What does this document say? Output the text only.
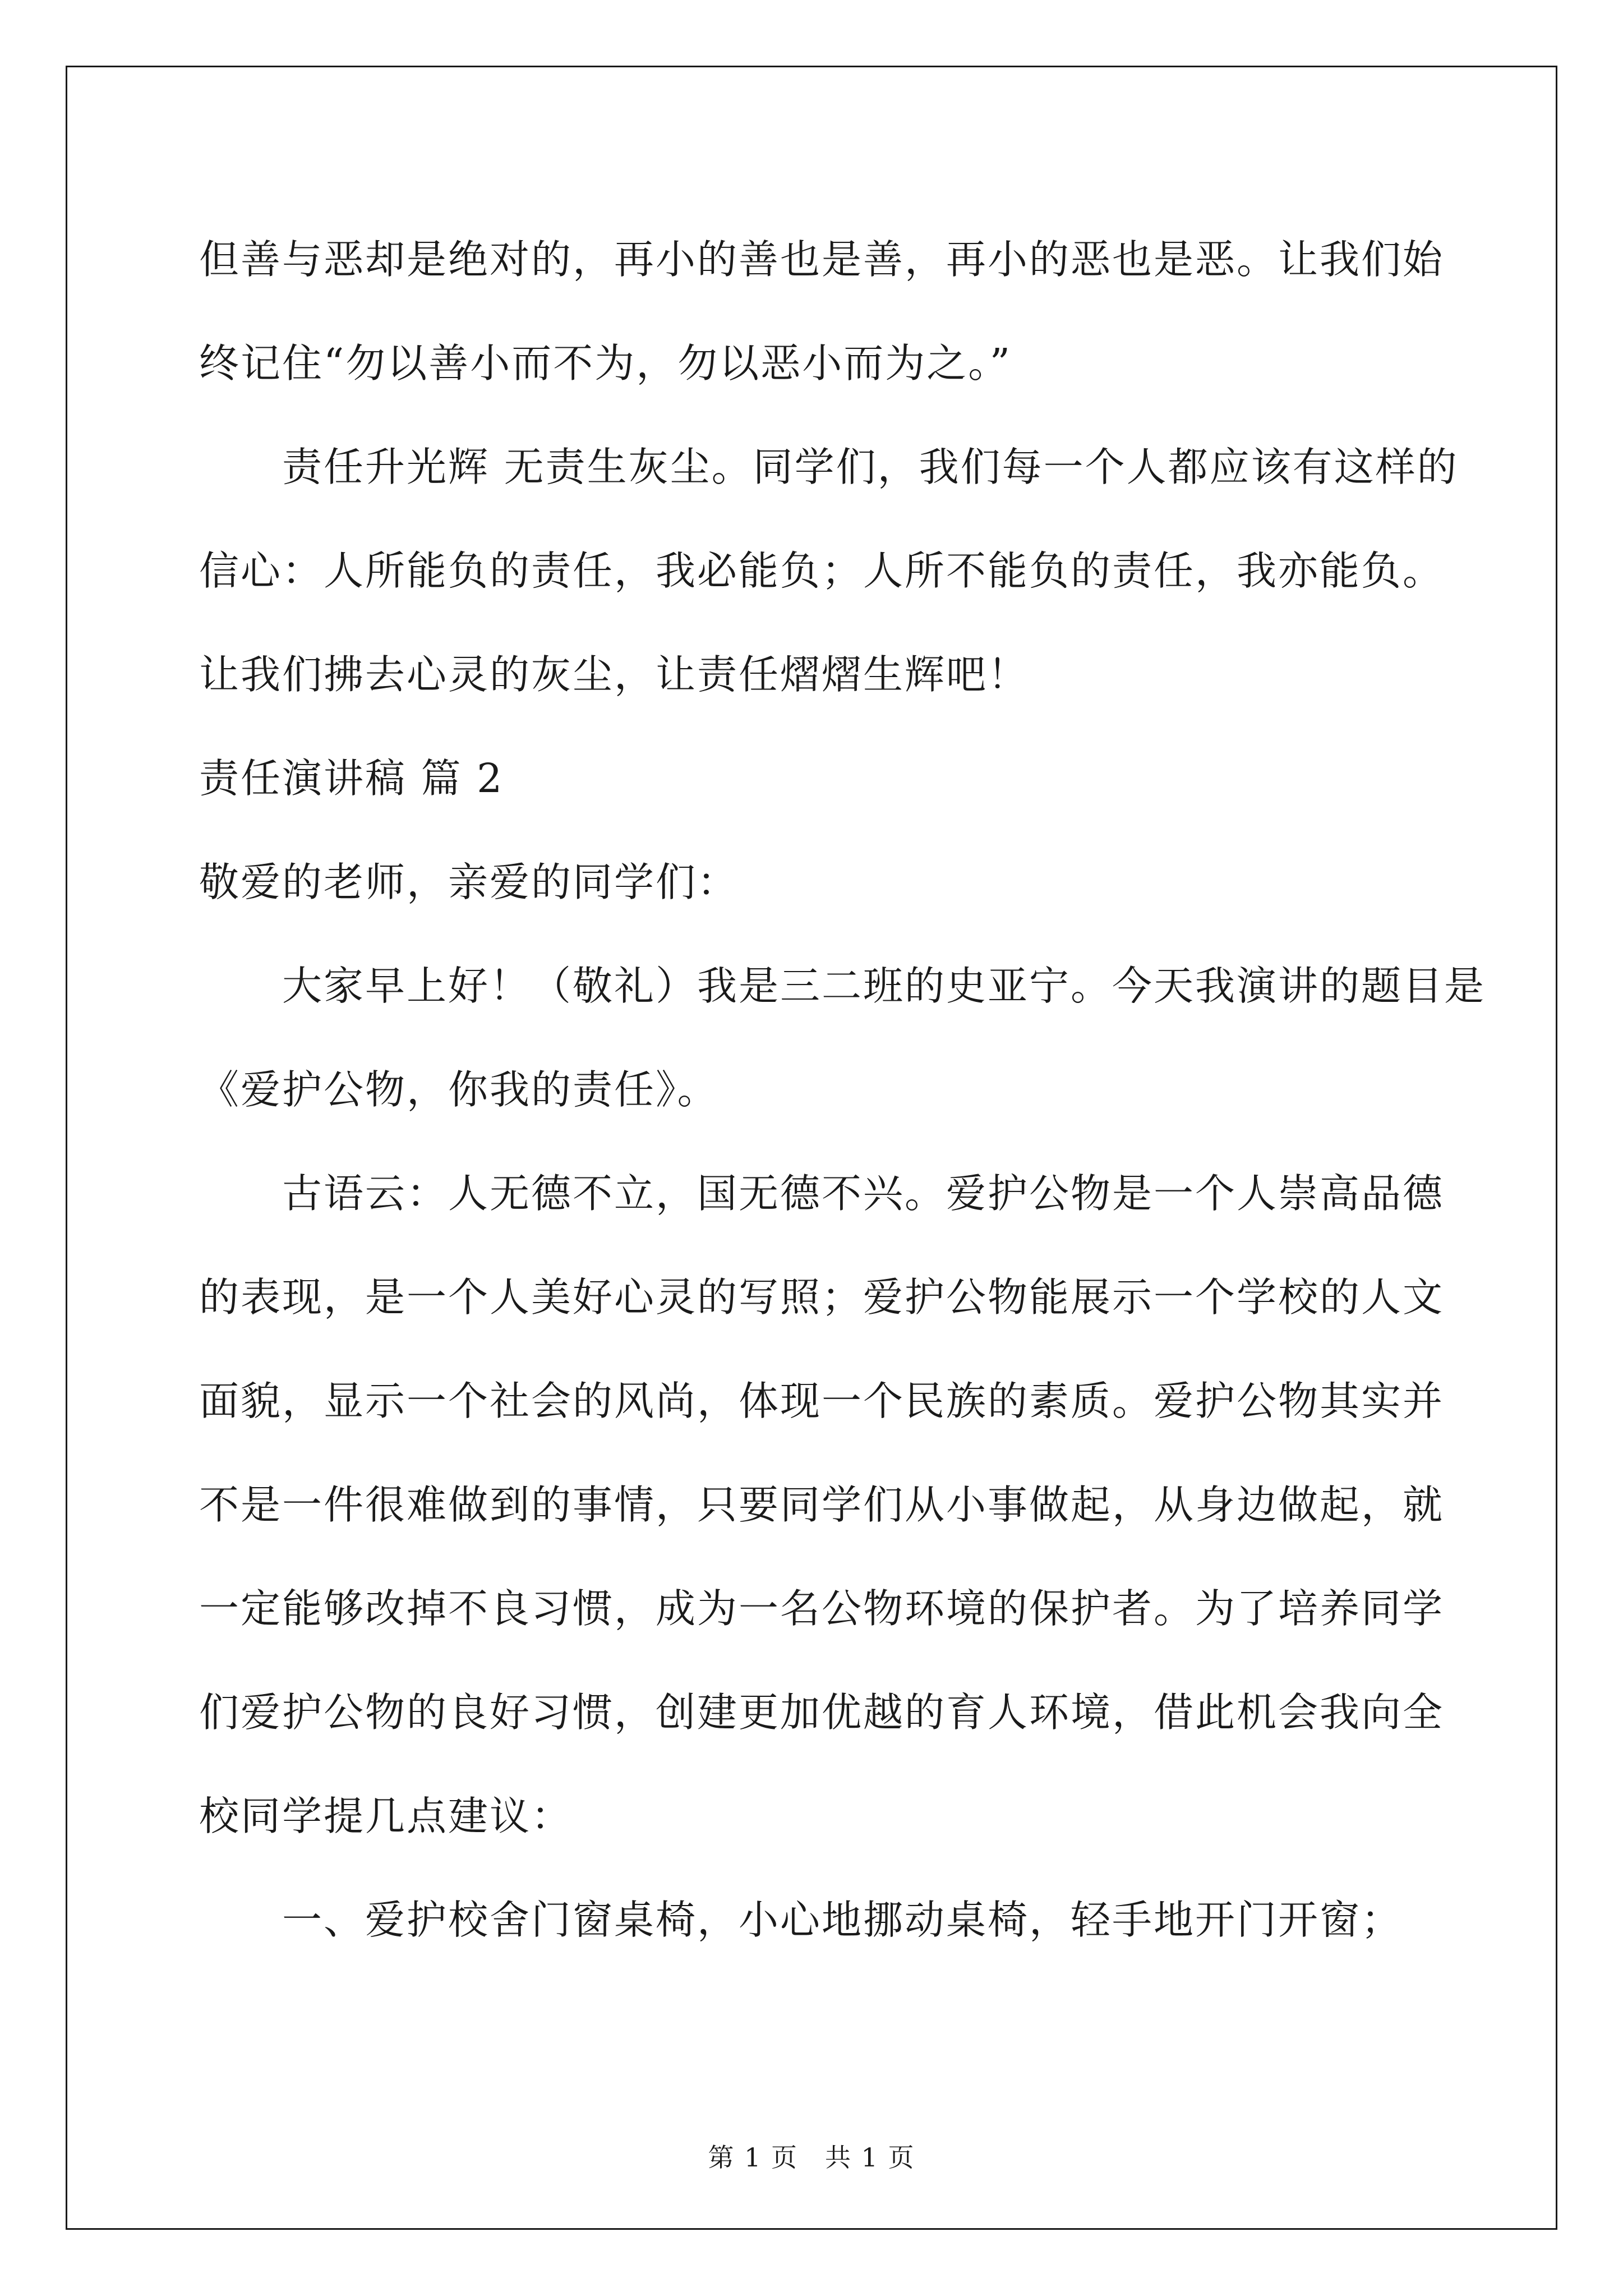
但善与恶却是绝对的，再小的善也是善，再小的恶也是恶。让我们始
终记住“勿以善小而不为，勿以恶小而为之。”

责任升光辉 无责生灰尘。同学们，我们每一个人都应该有这样的
信心：人所能负的责任，我必能负；人所不能负的责任，我亦能负。
让我们拂去心灵的灰尘，让责任熠熠生辉吧！

责任演讲稿 篇 2

敬爱的老师，亲爱的同学们：

大家早上好！（敬礼）我是三二班的史亚宁。今天我演讲的题目是
《爱护公物，你我的责任》。

古语云：人无德不立，国无德不兴。爱护公物是一个人崇高品德
的表现，是一个人美好心灵的写照；爱护公物能展示一个学校的人文
面貌，显示一个社会的风尚，体现一个民族的素质。爱护公物其实并
不是一件很难做到的事情，只要同学们从小事做起，从身边做起，就
一定能够改掉不良习惯，成为一名公物环境的保护者。为了培养同学
们爱护公物的良好习惯，创建更加优越的育人环境，借此机会我向全
校同学提几点建议：

一、爱护校舍门窗桌椅，小心地挪动桌椅，轻手地开门开窗；

第 1 页　共 1 页
